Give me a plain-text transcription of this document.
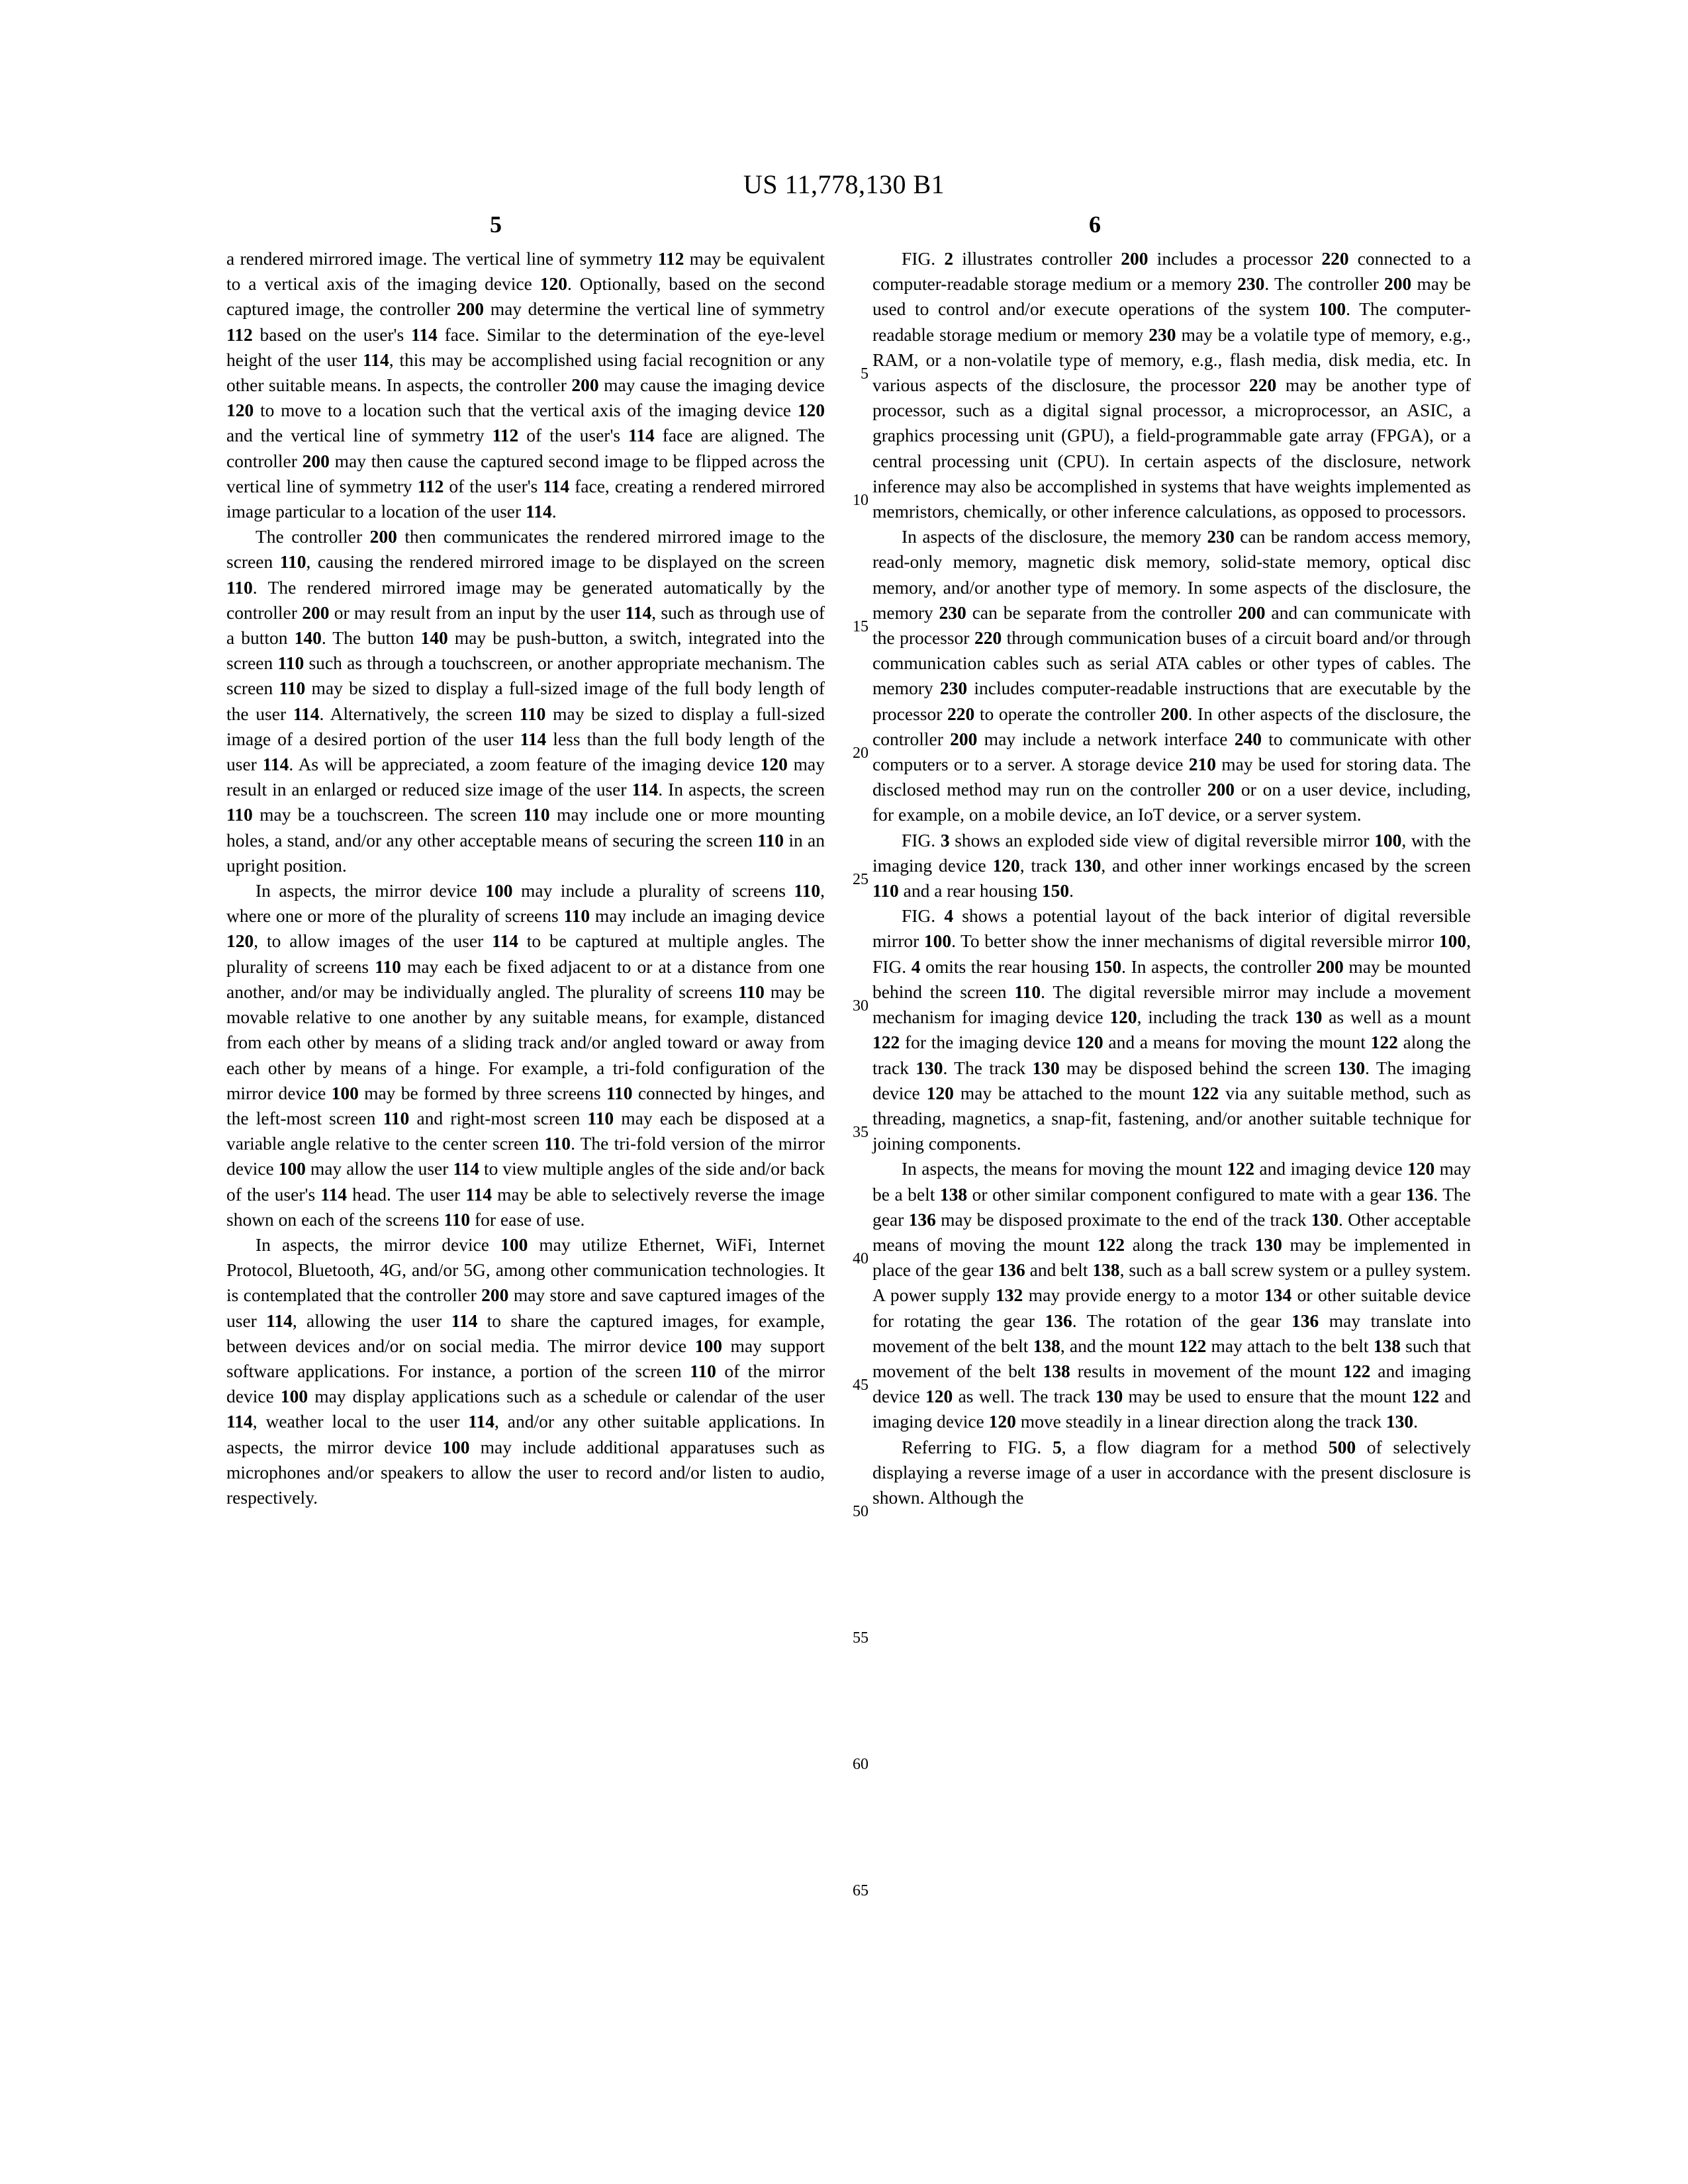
US 11,778,130 B1
5	6

a rendered mirrored image. The vertical line of symmetry 112 may be equivalent to a vertical axis of the imaging device 120. Optionally, based on the second captured image, the controller 200 may determine the vertical line of symmetry 112 based on the user's 114 face. Similar to the determination of the eye-level height of the user 114, this may be accomplished using facial recognition or any other suitable means. In aspects, the controller 200 may cause the imaging device 120 to move to a location such that the vertical axis of the imaging device 120 and the vertical line of symmetry 112 of the user's 114 face are aligned. The controller 200 may then cause the captured second image to be flipped across the vertical line of symmetry 112 of the user's 114 face, creating a rendered mirrored image particular to a location of the user 114.

The controller 200 then communicates the rendered mirrored image to the screen 110, causing the rendered mirrored image to be displayed on the screen 110. The rendered mirrored image may be generated automatically by the controller 200 or may result from an input by the user 114, such as through use of a button 140. The button 140 may be push-button, a switch, integrated into the screen 110 such as through a touchscreen, or another appropriate mechanism. The screen 110 may be sized to display a full-sized image of the full body length of the user 114. Alternatively, the screen 110 may be sized to display a full-sized image of a desired portion of the user 114 less than the full body length of the user 114. As will be appreciated, a zoom feature of the imaging device 120 may result in an enlarged or reduced size image of the user 114. In aspects, the screen 110 may be a touchscreen. The screen 110 may include one or more mounting holes, a stand, and/or any other acceptable means of securing the screen 110 in an upright position.

In aspects, the mirror device 100 may include a plurality of screens 110, where one or more of the plurality of screens 110 may include an imaging device 120, to allow images of the user 114 to be captured at multiple angles. The plurality of screens 110 may each be fixed adjacent to or at a distance from one another, and/or may be individually angled. The plurality of screens 110 may be movable relative to one another by any suitable means, for example, distanced from each other by means of a sliding track and/or angled toward or away from each other by means of a hinge. For example, a tri-fold configuration of the mirror device 100 may be formed by three screens 110 connected by hinges, and the left-most screen 110 and right-most screen 110 may each be disposed at a variable angle relative to the center screen 110. The tri-fold version of the mirror device 100 may allow the user 114 to view multiple angles of the side and/or back of the user's 114 head. The user 114 may be able to selectively reverse the image shown on each of the screens 110 for ease of use.

In aspects, the mirror device 100 may utilize Ethernet, WiFi, Internet Protocol, Bluetooth, 4G, and/or 5G, among other communication technologies. It is contemplated that the controller 200 may store and save captured images of the user 114, allowing the user 114 to share the captured images, for example, between devices and/or on social media. The mirror device 100 may support software applications. For instance, a portion of the screen 110 of the mirror device 100 may display applications such as a schedule or calendar of the user 114, weather local to the user 114, and/or any other suitable applications. In aspects, the mirror device 100 may include additional apparatuses such as microphones and/or speakers to allow the user to record and/or listen to audio, respectively.

FIG. 2 illustrates controller 200 includes a processor 220 connected to a computer-readable storage medium or a memory 230. The controller 200 may be used to control and/or execute operations of the system 100. The computer-readable storage medium or memory 230 may be a volatile type of memory, e.g., RAM, or a non-volatile type of memory, e.g., flash media, disk media, etc. In various aspects of the disclosure, the processor 220 may be another type of processor, such as a digital signal processor, a microprocessor, an ASIC, a graphics processing unit (GPU), a field-programmable gate array (FPGA), or a central processing unit (CPU). In certain aspects of the disclosure, network inference may also be accomplished in systems that have weights implemented as memristors, chemically, or other inference calculations, as opposed to processors.

In aspects of the disclosure, the memory 230 can be random access memory, read-only memory, magnetic disk memory, solid-state memory, optical disc memory, and/or another type of memory. In some aspects of the disclosure, the memory 230 can be separate from the controller 200 and can communicate with the processor 220 through communication buses of a circuit board and/or through communication cables such as serial ATA cables or other types of cables. The memory 230 includes computer-readable instructions that are executable by the processor 220 to operate the controller 200. In other aspects of the disclosure, the controller 200 may include a network interface 240 to communicate with other computers or to a server. A storage device 210 may be used for storing data. The disclosed method may run on the controller 200 or on a user device, including, for example, on a mobile device, an IoT device, or a server system.

FIG. 3 shows an exploded side view of digital reversible mirror 100, with the imaging device 120, track 130, and other inner workings encased by the screen 110 and a rear housing 150.

FIG. 4 shows a potential layout of the back interior of digital reversible mirror 100. To better show the inner mechanisms of digital reversible mirror 100, FIG. 4 omits the rear housing 150. In aspects, the controller 200 may be mounted behind the screen 110. The digital reversible mirror may include a movement mechanism for imaging device 120, including the track 130 as well as a mount 122 for the imaging device 120 and a means for moving the mount 122 along the track 130. The track 130 may be disposed behind the screen 130. The imaging device 120 may be attached to the mount 122 via any suitable method, such as threading, magnetics, a snap-fit, fastening, and/or another suitable technique for joining components.

In aspects, the means for moving the mount 122 and imaging device 120 may be a belt 138 or other similar component configured to mate with a gear 136. The gear 136 may be disposed proximate to the end of the track 130. Other acceptable means of moving the mount 122 along the track 130 may be implemented in place of the gear 136 and belt 138, such as a ball screw system or a pulley system. A power supply 132 may provide energy to a motor 134 or other suitable device for rotating the gear 136. The rotation of the gear 136 may translate into movement of the belt 138, and the mount 122 may attach to the belt 138 such that movement of the belt 138 results in movement of the mount 122 and imaging device 120 as well. The track 130 may be used to ensure that the mount 122 and imaging device 120 move steadily in a linear direction along the track 130.

Referring to FIG. 5, a flow diagram for a method 500 of selectively displaying a reverse image of a user in accordance with the present disclosure is shown. Although the

5
10
15
20
25
30
35
40
45
50
55
60
65
